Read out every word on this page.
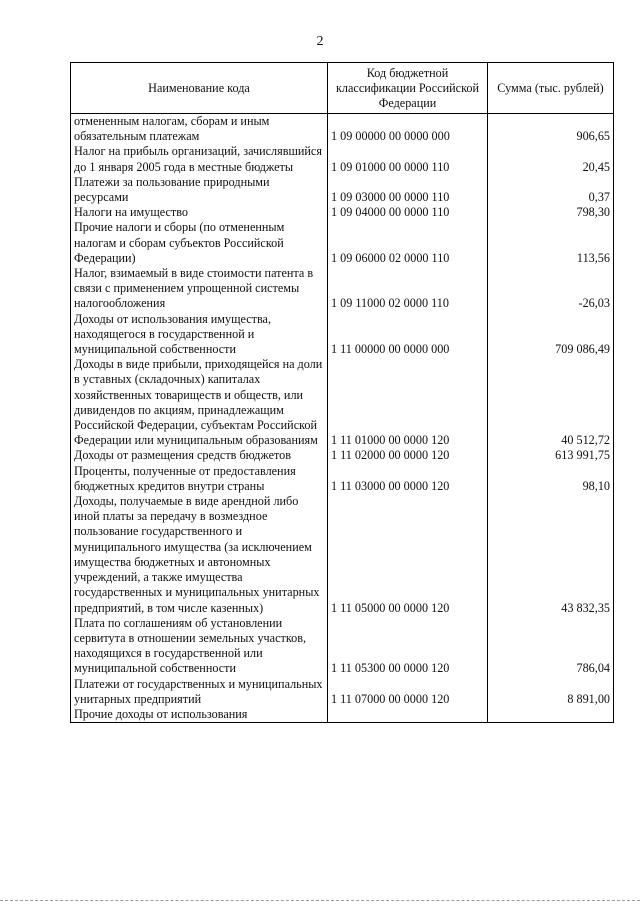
2
Наименование кода	Код бюджетной классификации Российской Федерации	Сумма (тыс. рублей)
отмененным налогам, сборам и иным обязательным платежам	1 09 00000 00 0000 000	906,65
Налог на прибыль организаций, зачислявшийся до 1 января 2005 года в местные бюджеты	1 09 01000 00 0000 110	20,45
Платежи за пользование природными ресурсами	1 09 03000 00 0000 110	0,37
Налоги на имущество	1 09 04000 00 0000 110	798,30
Прочие налоги и сборы (по отмененным налогам и сборам субъектов Российской Федерации)	1 09 06000 02 0000 110	113,56
Налог, взимаемый в виде стоимости патента в связи с применением упрощенной системы налогообложения	1 09 11000 02 0000 110	-26,03
Доходы от использования имущества, находящегося в государственной и муниципальной собственности	1 11 00000 00 0000 000	709 086,49
Доходы в виде прибыли, приходящейся на доли в уставных (складочных) капиталах хозяйственных товариществ и обществ, или дивидендов по акциям, принадлежащим Российской Федерации, субъектам Российской Федерации или муниципальным образованиям	1 11 01000 00 0000 120	40 512,72
Доходы от размещения средств бюджетов	1 11 02000 00 0000 120	613 991,75
Проценты, полученные от предоставления бюджетных кредитов внутри страны	1 11 03000 00 0000 120	98,10
Доходы, получаемые в виде арендной либо иной платы за передачу в возмездное пользование государственного и муниципального имущества (за исключением имущества бюджетных и автономных учреждений, а также имущества государственных и муниципальных унитарных предприятий, в том числе казенных)	1 11 05000 00 0000 120	43 832,35
Плата по соглашениям об установлении сервитута в отношении земельных участков, находящихся в государственной или муниципальной собственности	1 11 05300 00 0000 120	786,04
Платежи от государственных и муниципальных унитарных предприятий	1 11 07000 00 0000 120	8 891,00
Прочие доходы от использования		
